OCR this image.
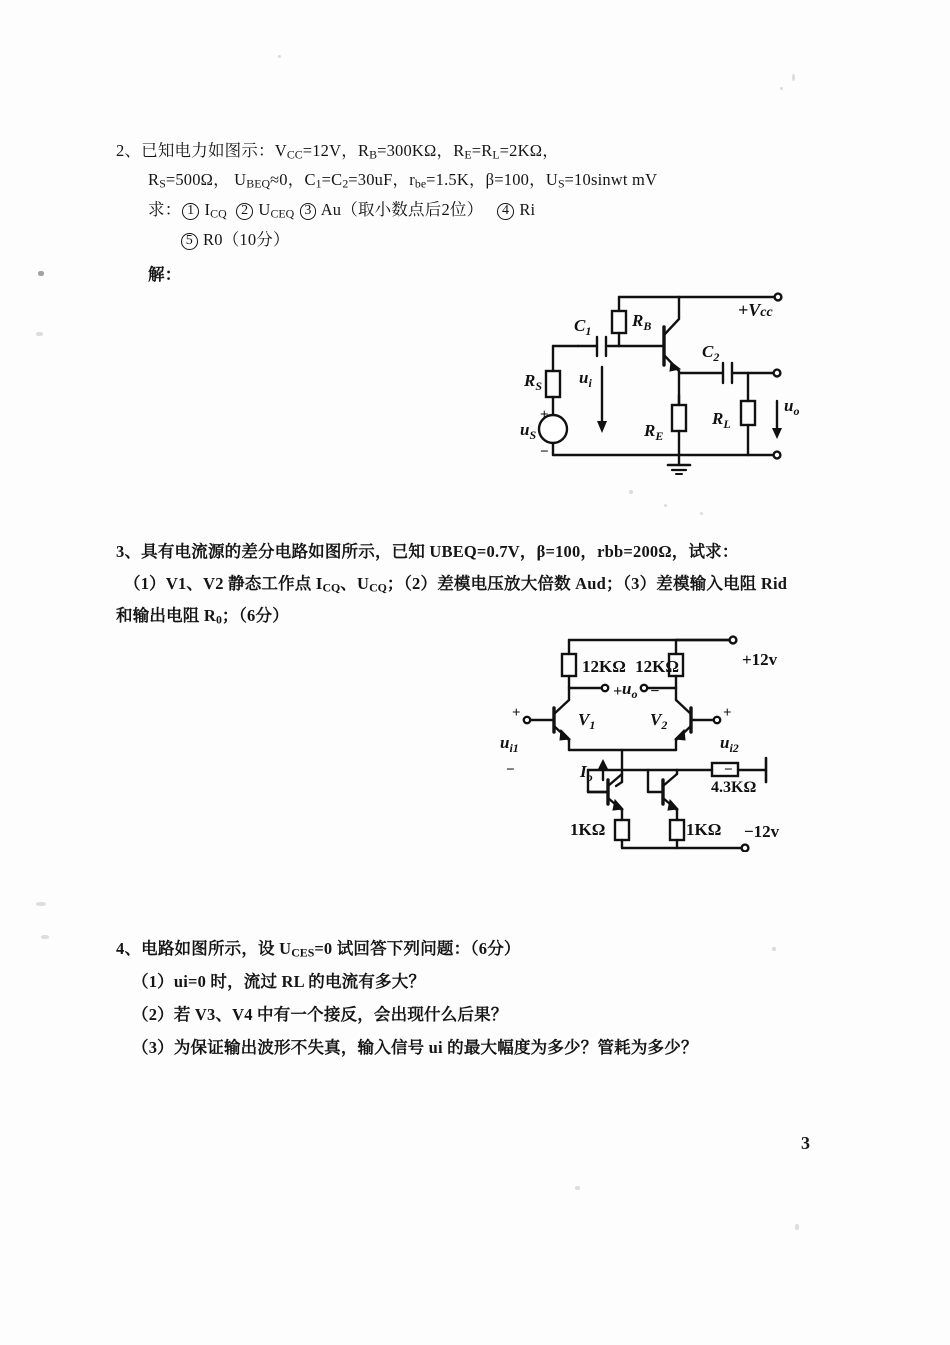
2、已知电力如图示：$V_{CC}=12V$，$R_B=300K\Omega$，$R_E=R_L=2K\Omega$，
$R_S=500\Omega$， $U_{BEQ}\approx 0$，$C_1=C_2=30uF$，$r_{be}=1.5K$，β=100，$U_S=10sinwt$ mV
求： 1 $I_{CQ}$ 2 $U_{CEQ}$ 3 Au（取小数点后2位） 4 Ri
5 R0（10分）
解：
$R_B$
$C_1$
$C_2$
$R_S$
$R_E$
$R_L$
$u_S$
$u_i$
$u_o$
+Vcc
+
−
3、具有电流源的差分电路如图所示，已知 UBEQ=0.7V，β=100，rbb=200Ω，试求：
（1）V1、V2 静态工作点 $I_{CQ}$、$U_{CQ}$；（2）差模电压放大倍数 Aud；（3）差模输入电阻 Rid
和输出电阻 $R_0$；（6分）
12KΩ 12KΩ	+12v
+ $u_o$ −
$V_1$	$V_2$
+
$u_{i1}$
−
+
$u_{i2}$
−
$I_o$
4.3KΩ
1KΩ	1KΩ −12v
4、电路如图所示，设 $U_{CES}=0$ 试回答下列问题：（6分）
（1）ui=0 时，流过 RL 的电流有多大？
（2）若 V3、V4 中有一个接反，会出现什么后果？
（3）为保证输出波形不失真，输入信号 ui 的最大幅度为多少？管耗为多少？
3
